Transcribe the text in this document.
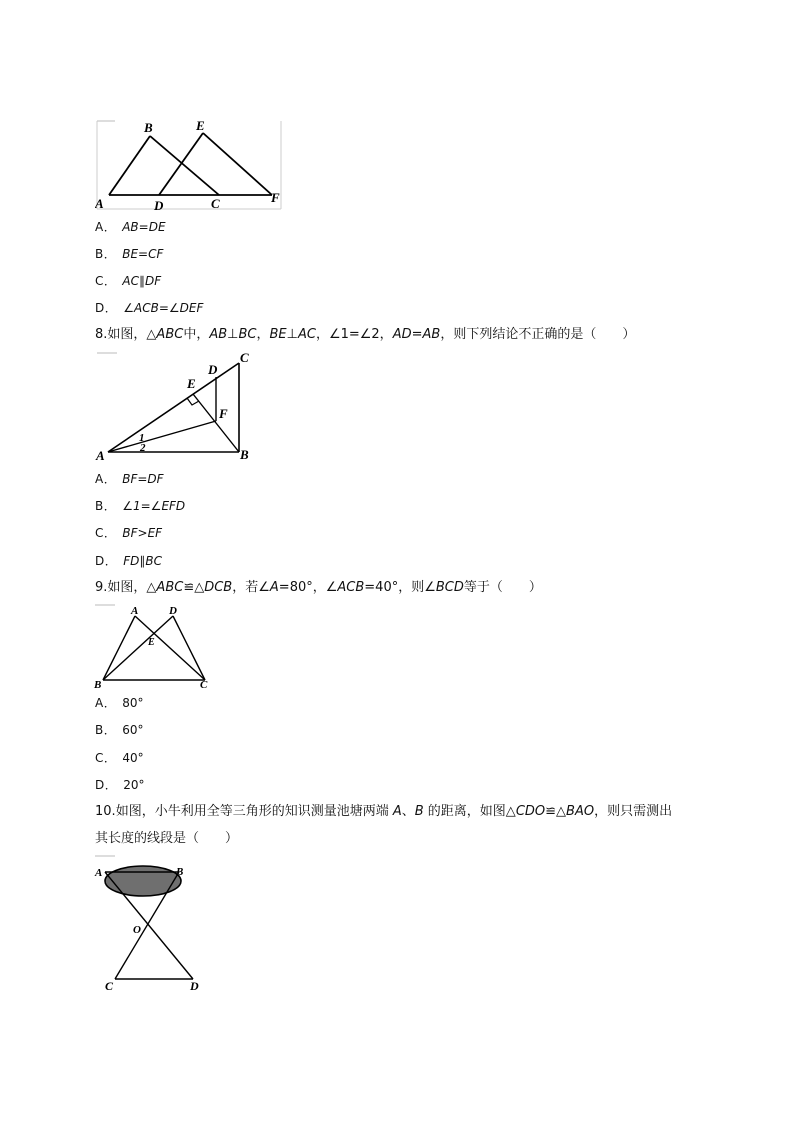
A
B	E
D	C	F
A． AB=DE
B． BE=CF
C． AC∥DF
D． ∠ACB=∠DEF
8.如图，△ABC中，AB⊥BC，BE⊥AC，∠1=∠2，AD=AB，则下列结论不正确的是（　　）
C
D
E
F
1
2
A	B
A． BF=DF
B． ∠1=∠EFD
C． BF>EF
D． FD∥BC
9.如图，△ABC≌△DCB，若∠A=80°，∠ACB=40°，则∠BCD等于（　　）
A	D
E
B	C
A． 80°
B． 60°
C． 40°
D． 20°
10.如图，小牛利用全等三角形的知识测量池塘两端 A、B 的距离，如图△CDO≌△BAO，则只需测出
其长度的线段是（　　）
A	B
O
C	D
